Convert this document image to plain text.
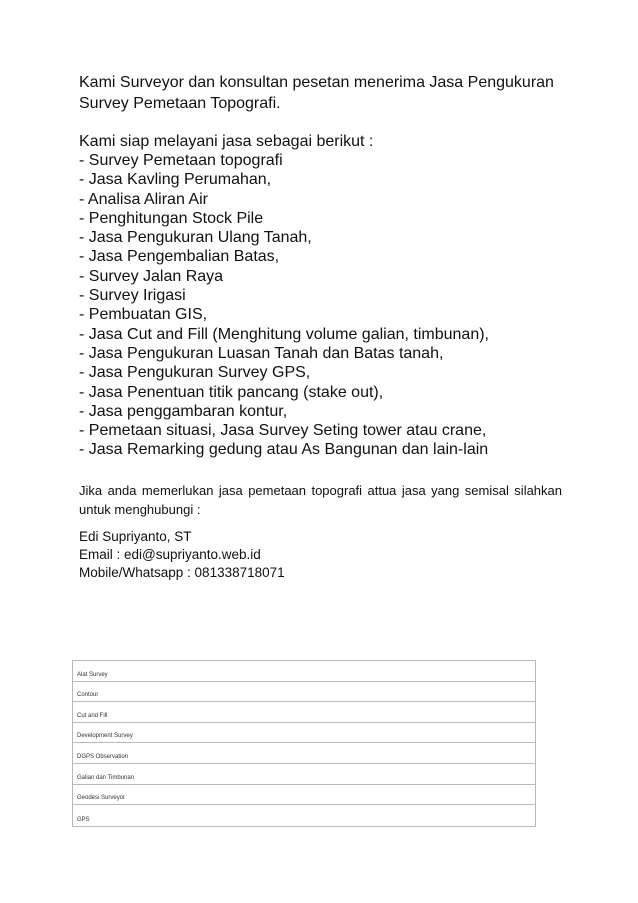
Kami Surveyor dan konsultan pesetan menerima Jasa Pengukuran Survey Pemetaan Topografi.

Kami siap melayani jasa sebagai berikut :

- Survey Pemetaan topografi
- Jasa Kavling Perumahan,
- Analisa Aliran Air
- Penghitungan Stock Pile
- Jasa Pengukuran Ulang Tanah,
- Jasa Pengembalian Batas,
- Survey Jalan Raya
- Survey Irigasi
- Pembuatan GIS,
- Jasa Cut and Fill (Menghitung volume galian, timbunan),
- Jasa Pengukuran Luasan Tanah dan Batas tanah,
- Jasa Pengukuran Survey GPS,
- Jasa Penentuan titik pancang (stake out),
- Jasa penggambaran kontur,
- Pemetaan situasi, Jasa Survey Seting tower atau crane,
- Jasa Remarking gedung atau As Bangunan dan lain-lain

Jika anda memerlukan jasa pemetaan topografi attua jasa yang semisal silahkan untuk menghubungi :

Edi Supriyanto, ST
Email : edi@supriyanto.web.id
Mobile/Whatsapp : 081338718071
Alat Survey
Contour
Cut and Fill
Development Survey
DGPS Observation
Galian dan Timbunan
Geodesi Surveyor
GPS
